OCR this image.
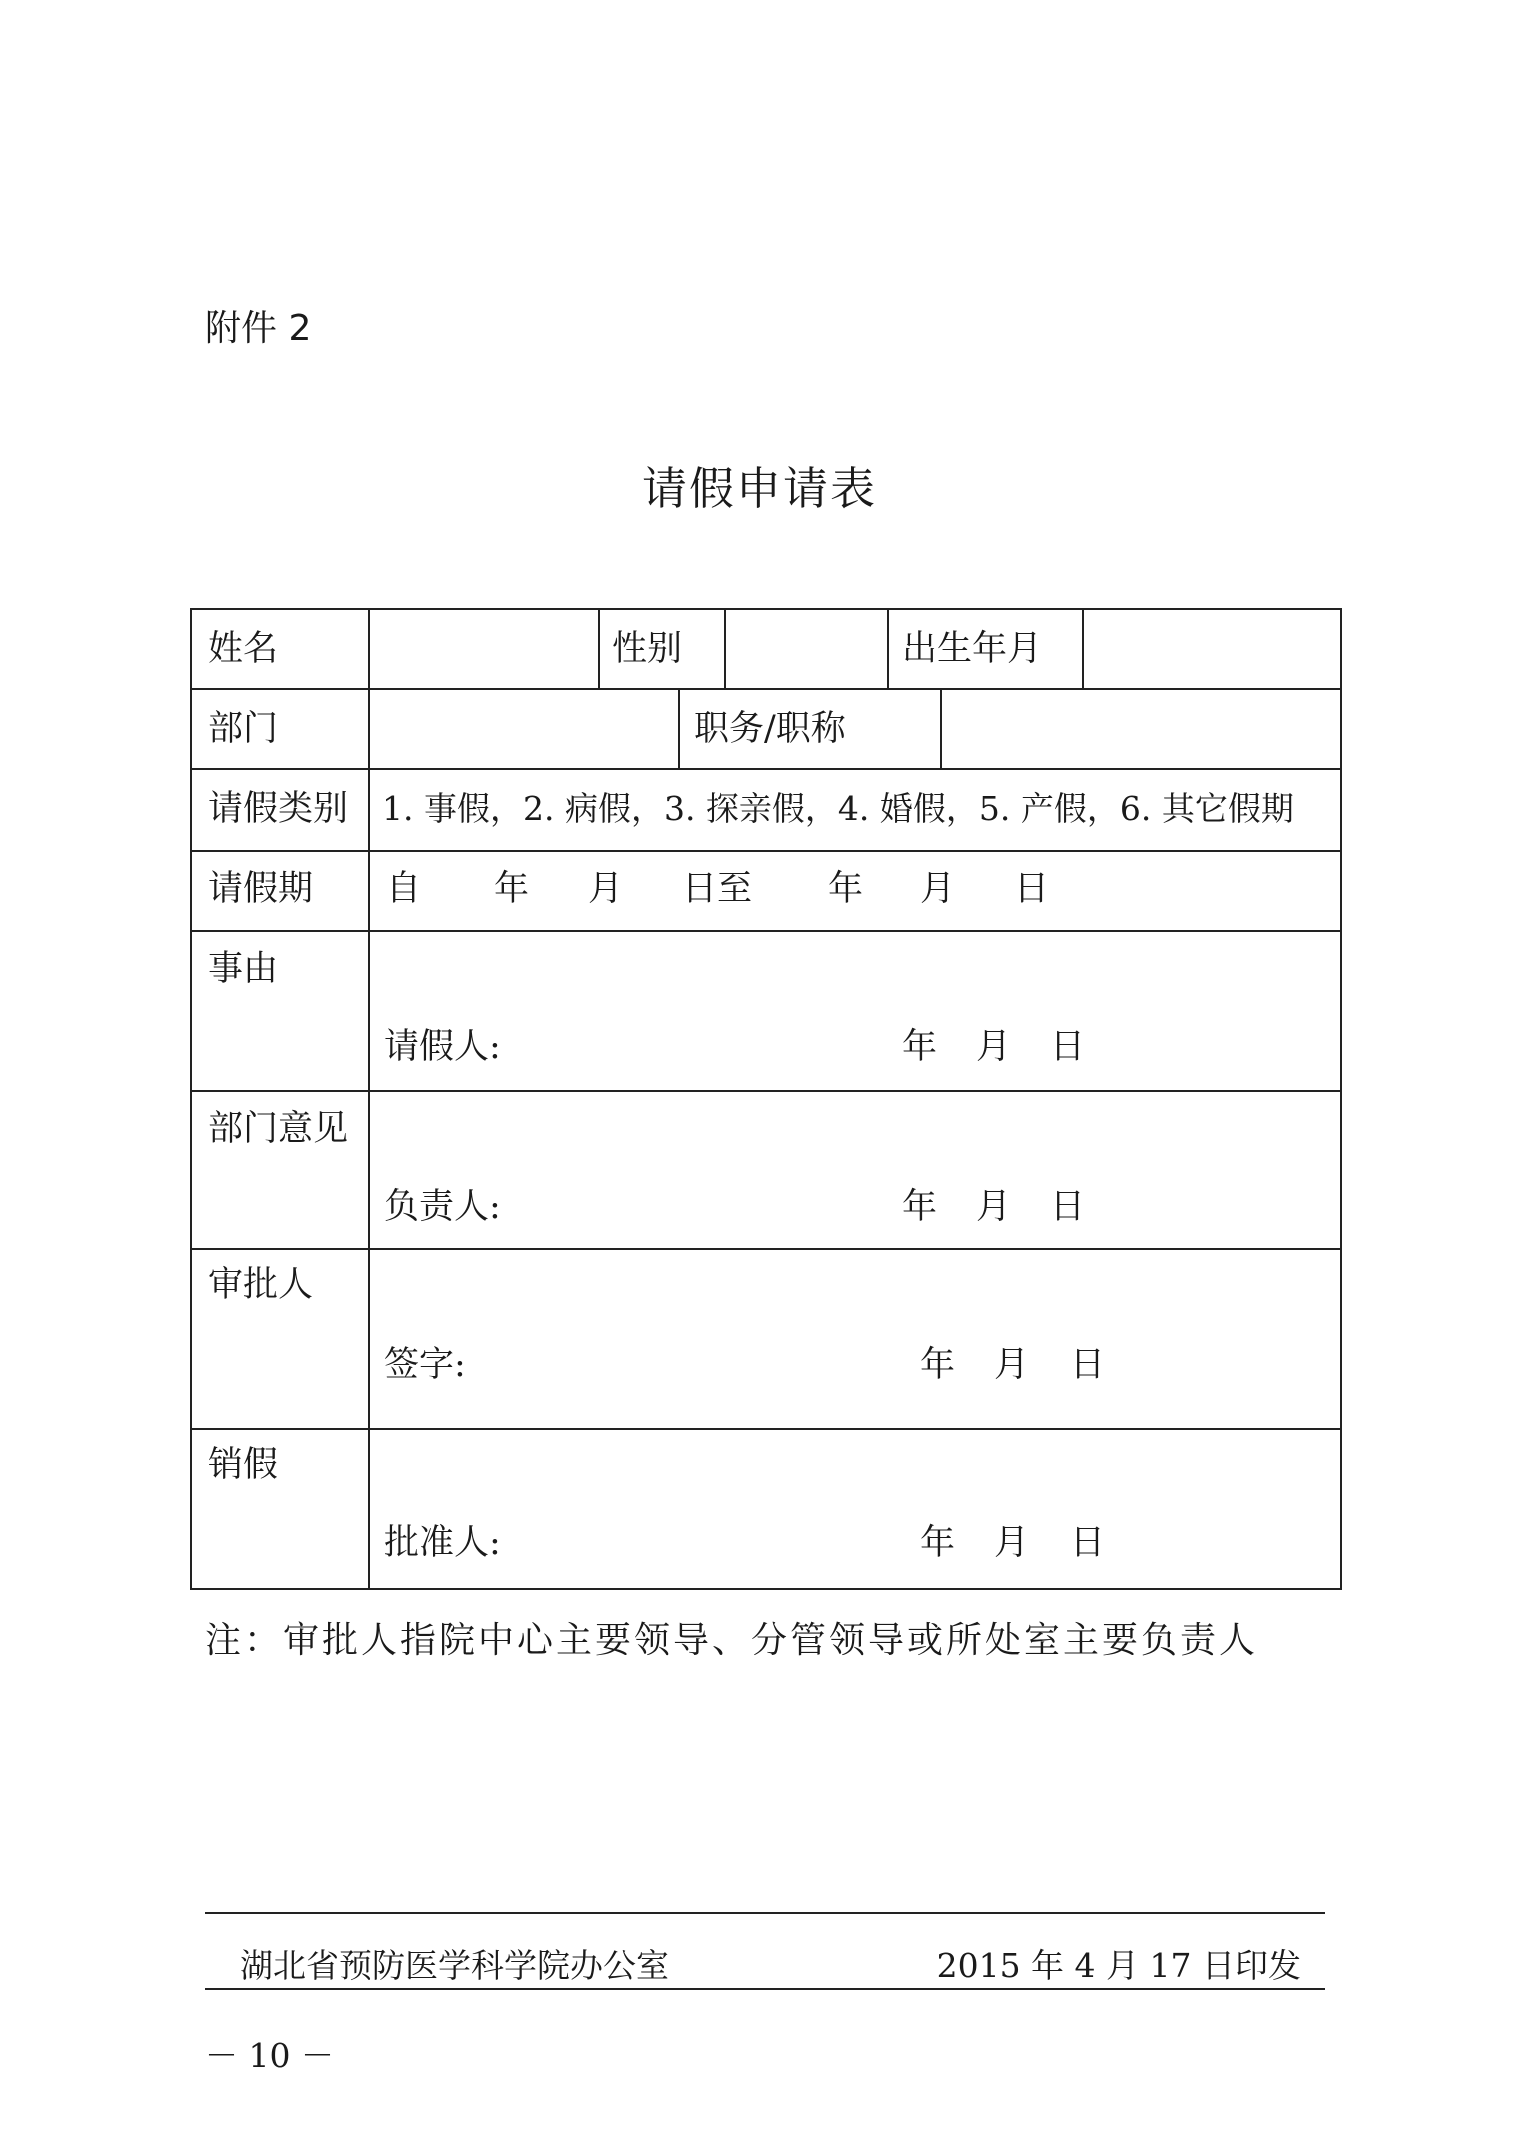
附件 2
请假申请表
姓名	性别	出生年月
部门	职务/职称
请假类别 1. 事假，2. 病假，3. 探亲假，4. 婚假，5. 产假，6. 其它假期
请假期 自 年 月 日至 年 月 日
事由
请假人:	年 月 日
部门意见
负责人:	年 月 日
审批人
签字:	年 月 日
销假
批准人:	年 月 日
注：审批人指院中心主要领导、分管领导或所处室主要负责人
湖北省预防医学科学院办公室	2015 年 4 月 17 日印发
－ 10 －
